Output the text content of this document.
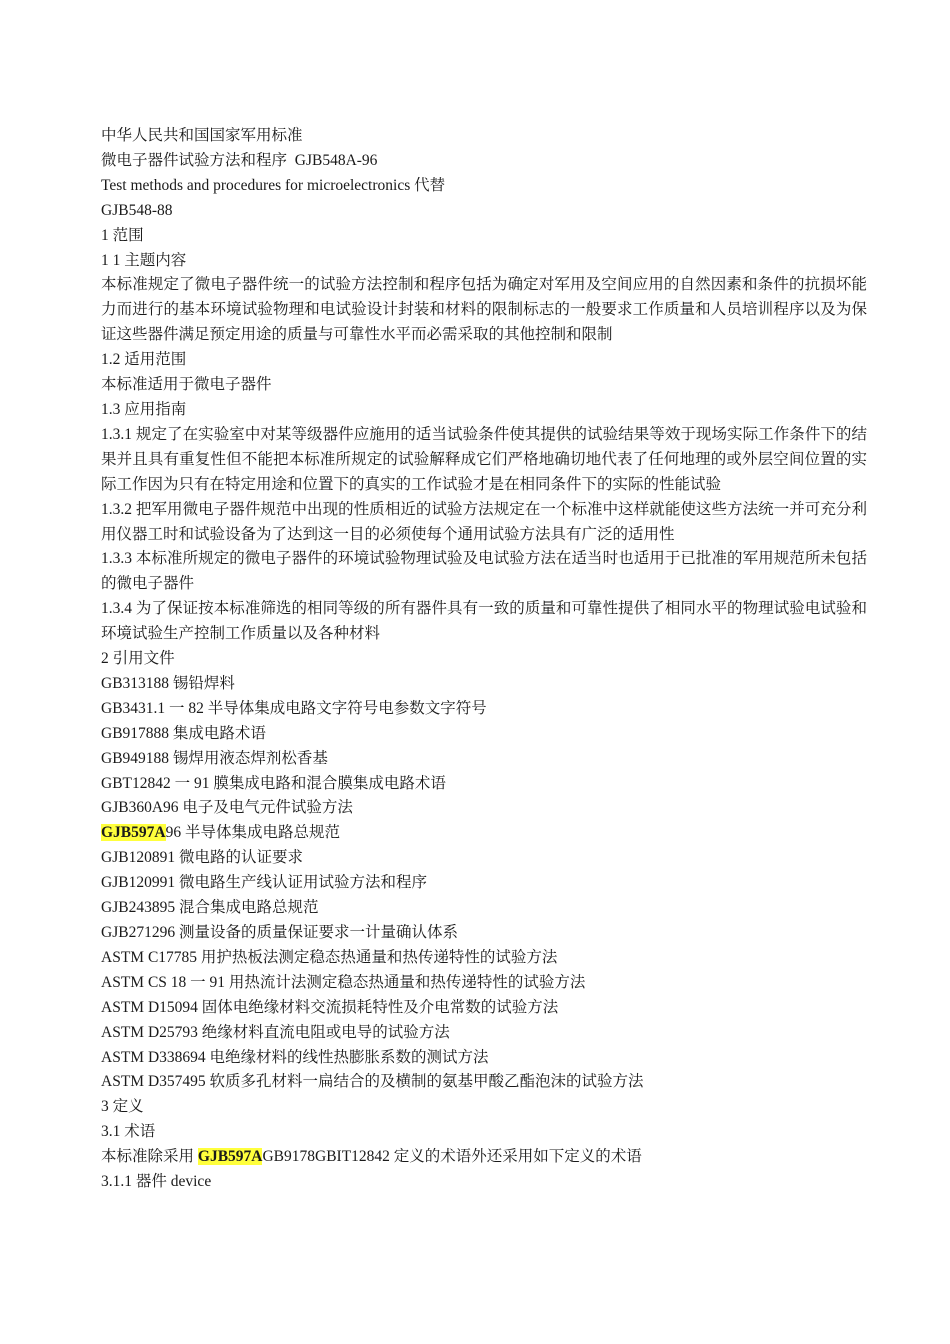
中华人民共和国国家军用标准

微电子器件试验方法和程序  GJB548A-96

Test methods and procedures for microelectronics 代替

GJB548-88

1 范围

1 1 主题内容

本标准规定了微电子器件统一的试验方法控制和程序包括为确定对军用及空间应用的自然因素和条件的抗损坏能力而进行的基本环境试验物理和电试验设计封装和材料的限制标志的一般要求工作质量和人员培训程序以及为保证这些器件满足预定用途的质量与可靠性水平而必需采取的其他控制和限制

1.2 适用范围

本标准适用于微电子器件

1.3 应用指南

1.3.1 规定了在实验室中对某等级器件应施用的适当试验条件使其提供的试验结果等效于现场实际工作条件下的结果并且具有重复性但不能把本标准所规定的试验解释成它们严格地确切地代表了任何地理的或外层空间位置的实际工作因为只有在特定用途和位置下的真实的工作试验才是在相同条件下的实际的性能试验

1.3.2 把军用微电子器件规范中出现的性质相近的试验方法规定在一个标准中这样就能使这些方法统一并可充分利用仪器工时和试验设备为了达到这一目的必须使每个通用试验方法具有广泛的适用性

1.3.3 本标准所规定的微电子器件的环境试验物理试验及电试验方法在适当时也适用于已批准的军用规范所未包括的微电子器件

1.3.4 为了保证按本标准筛选的相同等级的所有器件具有一致的质量和可靠性提供了相同水平的物理试验电试验和环境试验生产控制工作质量以及各种材料

2 引用文件

GB313188 锡铅焊料

GB3431.1 一 82 半导体集成电路文字符号电参数文字符号

GB917888 集成电路术语

GB949188 锡焊用液态焊剂松香基

GBT12842 一 91 膜集成电路和混合膜集成电路术语

GJB360A96 电子及电气元件试验方法

GJB597A96 半导体集成电路总规范

GJB120891 微电路的认证要求

GJB120991 微电路生产线认证用试验方法和程序

GJB243895 混合集成电路总规范

GJB271296 测量设备的质量保证要求一计量确认体系

ASTM C17785 用护热板法测定稳态热通量和热传递特性的试验方法

ASTM CS 18 一 91 用热流计法测定稳态热通量和热传递特性的试验方法

ASTM D15094 固体电绝缘材料交流损耗特性及介电常数的试验方法

ASTM D25793 绝缘材料直流电阻或电导的试验方法

ASTM D338694 电绝缘材料的线性热膨胀系数的测试方法

ASTM D357495 软质多孔材料一扁结合的及横制的氨基甲酸乙酯泡沫的试验方法

3 定义

3.1 术语

本标准除采用 GJB597AGB9178GBIT12842 定义的术语外还采用如下定义的术语

3.1.1 器件 device
